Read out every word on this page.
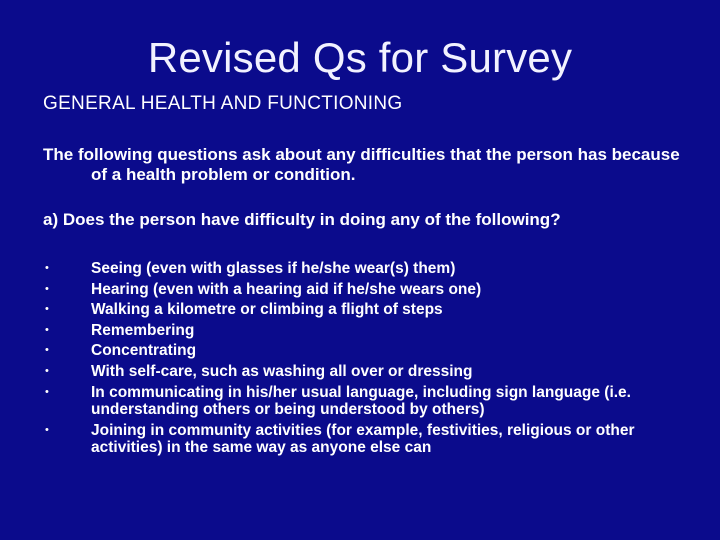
Revised Qs for Survey
GENERAL HEALTH AND FUNCTIONING
The following questions ask about any difficulties that the person has because of a health problem or condition.
a) Does the person have difficulty in doing any of the following?
•	Seeing (even with glasses if he/she wear(s) them)
•	Hearing (even with a hearing aid if he/she wears one)
•	Walking a kilometre or climbing a flight of steps
•	Remembering
•	Concentrating
•	With self-care, such as washing all over or dressing
•	In communicating in his/her usual language, including sign language (i.e. understanding others or being understood by others)
•	Joining in community activities (for example, festivities, religious or other activities) in the same way as anyone else can
